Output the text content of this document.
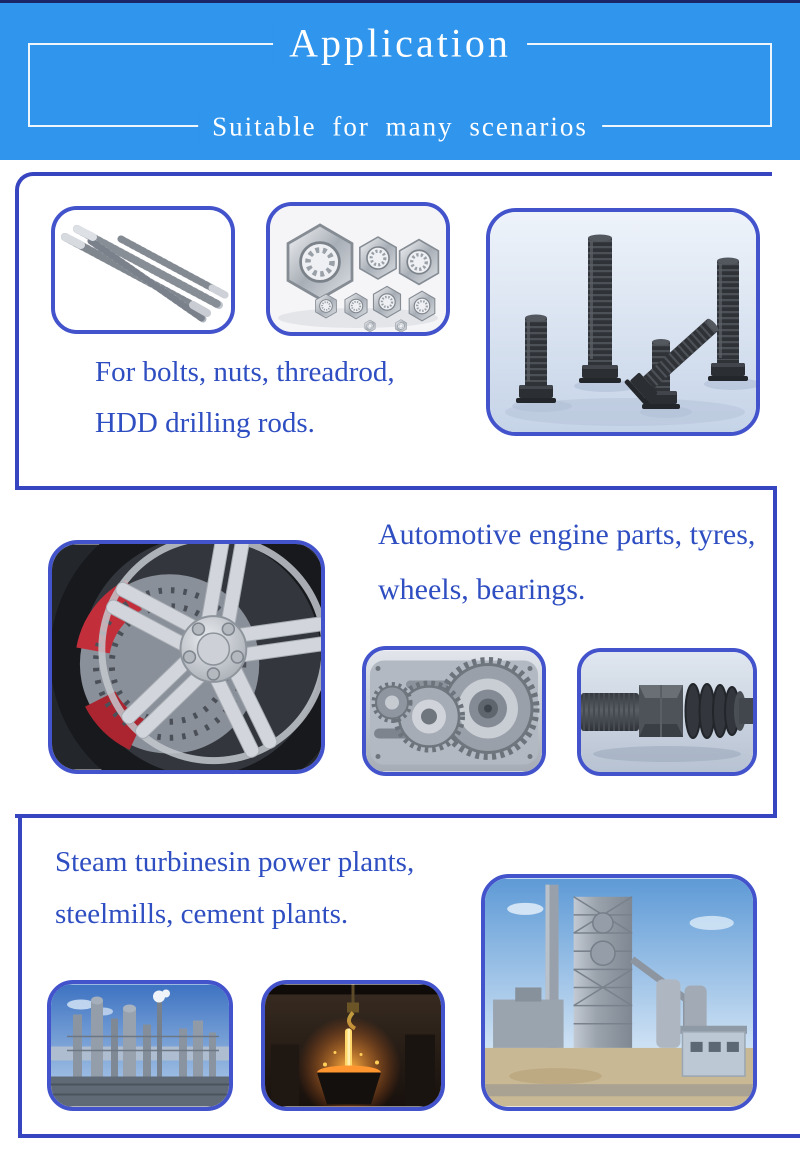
Application
Suitable for many scenarios
For bolts, nuts, threadrod,
HDD drilling rods.
Automotive engine parts, tyres,
wheels, bearings.
Steam turbinesin power plants,
steelmills, cement plants.
